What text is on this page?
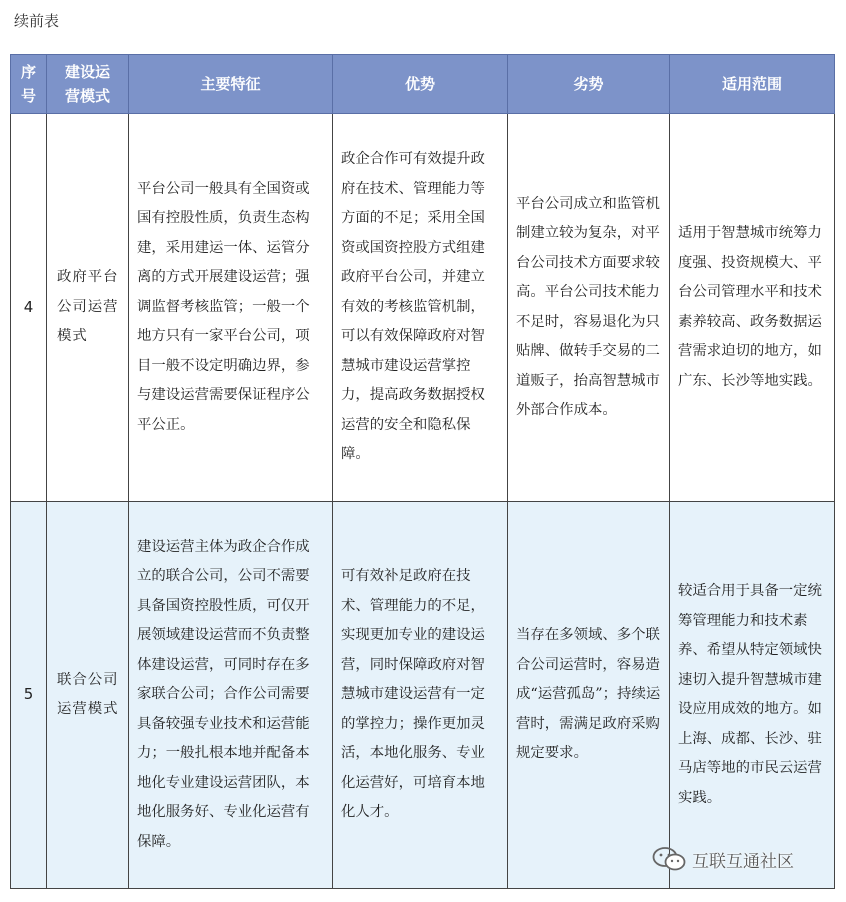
续前表
序号	建设运营模式	主要特征	优势	劣势	适用范围
4	政府平台公司运营模式	平台公司一般具有全国资或国有控股性质，负责生态构建，采用建运一体、运管分离的方式开展建设运营；强调监督考核监管；一般一个地方只有一家平台公司，项目一般不设定明确边界，参与建设运营需要保证程序公平公正。	政企合作可有效提升政府在技术、管理能力等方面的不足；采用全国资或国资控股方式组建政府平台公司，并建立有效的考核监管机制，可以有效保障政府对智慧城市建设运营掌控力，提高政务数据授权运营的安全和隐私保障。	平台公司成立和监管机制建立较为复杂，对平台公司技术方面要求较高。平台公司技术能力不足时，容易退化为只贴牌、做转手交易的二道贩子，抬高智慧城市外部合作成本。	适用于智慧城市统筹力度强、投资规模大、平台公司管理水平和技术素养较高、政务数据运营需求迫切的地方，如广东、长沙等地实践。
5	联合公司运营模式	建设运营主体为政企合作成立的联合公司，公司不需要具备国资控股性质，可仅开展领域建设运营而不负责整体建设运营，可同时存在多家联合公司；合作公司需要具备较强专业技术和运营能力；一般扎根本地并配备本地化专业建设运营团队，本地化服务好、专业化运营有保障。	可有效补足政府在技术、管理能力的不足，实现更加专业的建设运营，同时保障政府对智慧城市建设运营有一定的掌控力；操作更加灵活，本地化服务、专业化运营好，可培育本地化人才。	当存在多领域、多个联合公司运营时，容易造成“运营孤岛”；持续运营时，需满足政府采购规定要求。	较适合用于具备一定统筹管理能力和技术素养、希望从特定领域快速切入提升智慧城市建设应用成效的地方。如上海、成都、长沙、驻马店等地的市民云运营实践。
互联互通社区
